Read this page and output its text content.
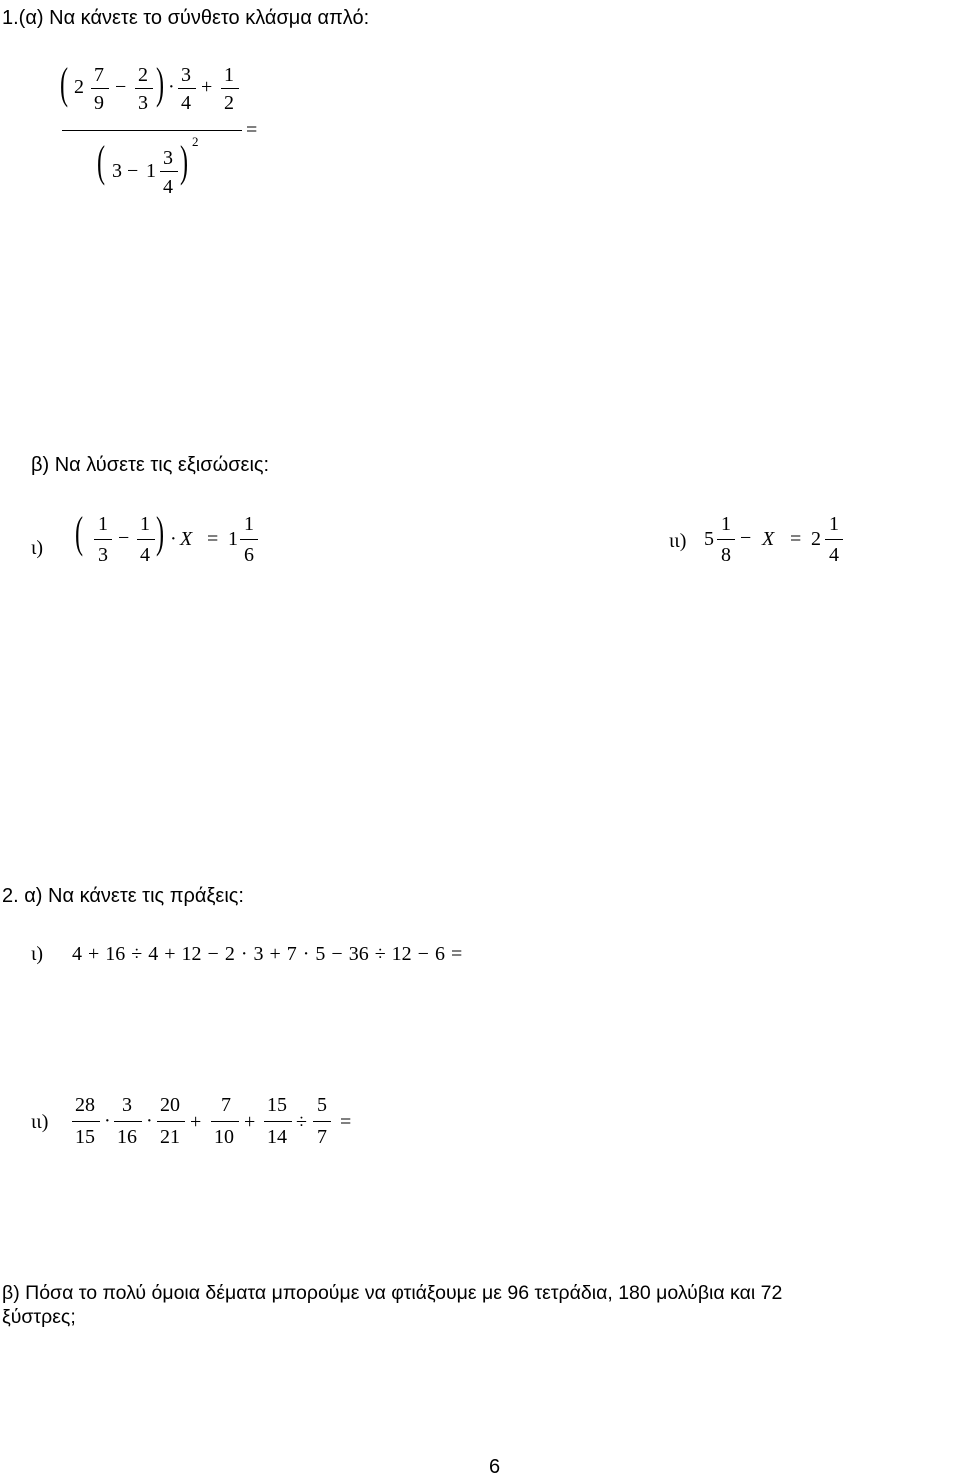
1.(α) Να κάνετε το σύνθετο κλάσμα απλό:
( 2
7
9
−
2
3 ) ·
3
4
+
1
2
=
( 3 − 1
3
4
) 2
β) Να λύσετε τις εξισώσεις:
ι) ( 1
3
−
1
4 ) · X = 1
1
6
ιι) 5
1
8
− X = 2
1
4
2. α) Να κάνετε τις πράξεις:
ι) 4 + 16 ÷ 4 + 12 − 2 · 3 + 7 · 5 − 36 ÷ 12 − 6 =
ιι)
28
15
·
3
16
·
20
21
+
7
10
+
15
14
÷
5
7
=
β) Πόσα το πολύ όμοια δέματα μπορούμε να φτιάξουμε με 96 τετράδια, 180 μολύβια και 72
ξύστρες;
6
